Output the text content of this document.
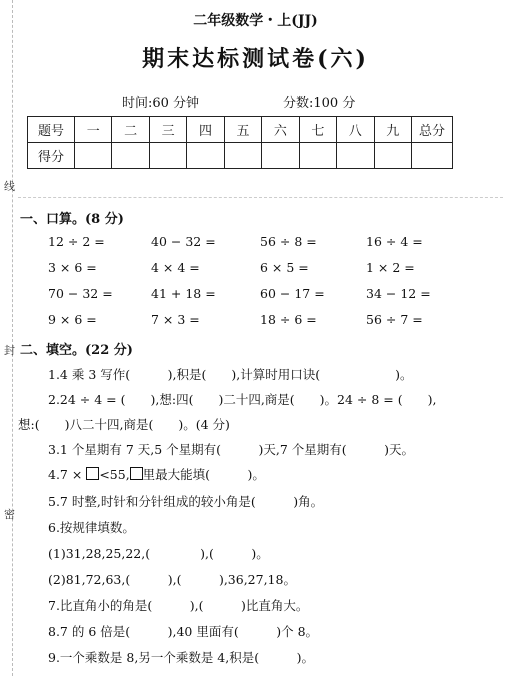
线
封
密
二年级数学・上(JJ)
期末达标测试卷(六)
时间:60 分钟	分数:100 分
题号	一	二	三	四	五	六	七	八	九	总分
得分										
一、口算。(8 分)
12 ÷ 2 =	40 − 32 =	56 ÷ 8 =	16 ÷ 4 =
3 × 6 =	4 × 4 =	6 × 5 =	1 × 2 =
70 − 32 =	41 + 18 =	60 − 17 =	34 − 12 =
9 × 6 =	7 × 3 =	18 ÷ 6 =	56 ÷ 7 =
二、填空。(22 分)
1.4 乘 3 写作(　　　),积是(　　),计算时用口诀(　　　　　　)。
2.24 ÷ 4 = (　　),想:四(　　)二十四,商是(　　)。24 ÷ 8 = (　　),
想:(　　)八二十四,商是(　　)。(4 分)
3.1 个星期有 7 天,5 个星期有(　　　)天,7 个星期有(　　　)天。
4.7 × <55, 里最大能填(　　　)。
5.7 时整,时针和分针组成的较小角是(　　　)角。
6.按规律填数。
(1)31,28,25,22,(　　　　),(　　　)。
(2)81,72,63,(　　　),(　　　),36,27,18。
7.比直角小的角是(　　　),(　　　)比直角大。
8.7 的 6 倍是(　　　),40 里面有(　　　)个 8。
9.一个乘数是 8,另一个乘数是 4,积是(　　　)。
